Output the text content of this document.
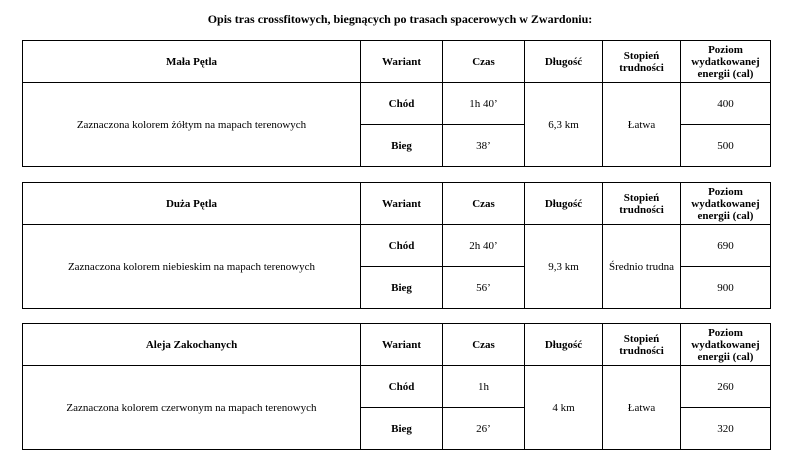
Opis tras crossfitowych, biegnących po trasach spacerowych w Zwardoniu:
Mała Pętla	Wariant	Czas	Długość	Stopień trudności	Poziom wydatkowanej energii (cal)
Zaznaczona kolorem żółtym na mapach terenowych	Chód	1h 40’	6,3 km	Łatwa	400
	Bieg	38’			500
Duża Pętla	Wariant	Czas	Długość	Stopień trudności	Poziom wydatkowanej energii (cal)
Zaznaczona kolorem niebieskim na mapach terenowych	Chód	2h 40’	9,3 km	Średnio trudna	690
	Bieg	56’			900
Aleja Zakochanych	Wariant	Czas	Długość	Stopień trudności	Poziom wydatkowanej energii (cal)
Zaznaczona kolorem czerwonym na mapach terenowych	Chód	1h	4 km	Łatwa	260
	Bieg	26’			320
